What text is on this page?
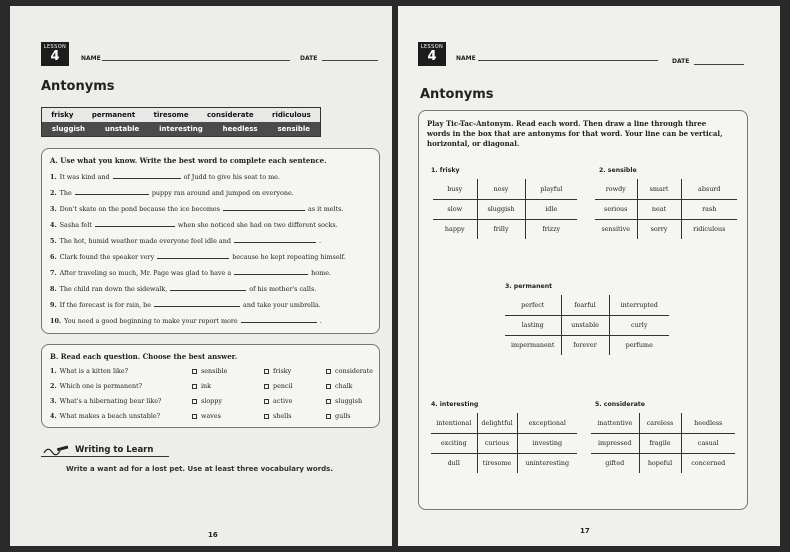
LESSON
4	NAME	DATE
Antonyms
frisky	permanent	tiresome	considerate	ridiculous
sluggish	unstable	interesting	heedless	sensible
A. Use what you know. Write the best word to complete each sentence.
1. It was kind and	of Judd to give his seat to me.
2. The	puppy ran around and jumped on everyone.
3. Don't skate on the pond because the ice becomes	as it melts.
4. Sasha felt	when she noticed she had on two different socks.
5. The hot, humid weather made everyone feel idle and	.
6. Clark found the speaker very	because he kept repeating himself.
7. After traveling so much, Mr. Page was glad to have a	home.
8. The child ran down the sidewalk,	of his mother's calls.
9. If the forecast is for rain, be	and take your umbrella.
10. You need a good beginning to make your report more	.
B. Read each question. Choose the best answer.
1. What is a kitten like?	sensible	frisky	considerate
2. Which one is permanent?	ink	pencil	chalk
3. What's a hibernating bear like?	sloppy	active	sluggish
4. What makes a beach unstable?	waves	shells	gulls
Writing to Learn
Write a want ad for a lost pet. Use at least three vocabulary words.
16
LESSON
4	NAME	DATE
Antonyms
Play Tic-Tac-Antonym. Read each word. Then draw a line through three words in the box that are antonyms for that word. Your line can be vertical, horizontal, or diagonal.
1. frisky
busy	nosy	playful
slow	sluggish	idle
happy	frilly	frizzy
2. sensible
rowdy	smart	absurd
serious	neat	rash
sensitive	sorry	ridiculous
3. permanent
perfect	fearful	interrupted
lasting	unstable	curly
impermanent	forever	perfume
4. interesting
intentional	delightful	exceptional
exciting	curious	investing
dull	tiresome	uninteresting
5. considerate
inattentive	careless	heedless
impressed	fragile	casual
gifted	hopeful	concerned
17
